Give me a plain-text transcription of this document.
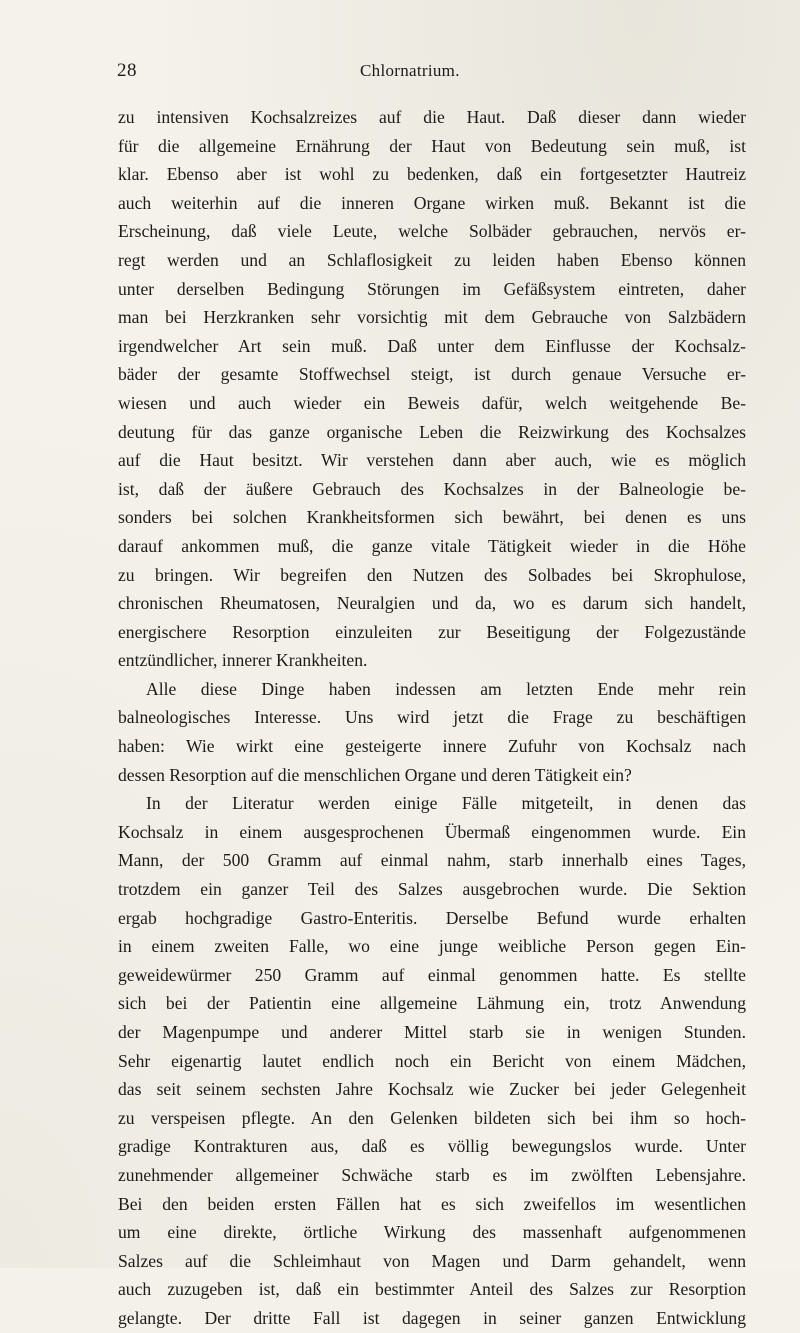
28	Chlornatrium.
zu intensiven Kochsalzreizes auf die Haut. Daß dieser dann wieder
für die allgemeine Ernährung der Haut von Bedeutung sein muß, ist
klar. Ebenso aber ist wohl zu bedenken, daß ein fortgesetzter Hautreiz
auch weiterhin auf die inneren Organe wirken muß. Bekannt ist die
Erscheinung, daß viele Leute, welche Solbäder gebrauchen, nervös er-
regt werden und an Schlaflosigkeit zu leiden haben Ebenso können
unter derselben Bedingung Störungen im Gefäßsystem eintreten, daher
man bei Herzkranken sehr vorsichtig mit dem Gebrauche von Salzbädern
irgendwelcher Art sein muß. Daß unter dem Einflusse der Kochsalz-
bäder der gesamte Stoffwechsel steigt, ist durch genaue Versuche er-
wiesen und auch wieder ein Beweis dafür, welch weitgehende Be-
deutung für das ganze organische Leben die Reizwirkung des Kochsalzes
auf die Haut besitzt. Wir verstehen dann aber auch, wie es möglich
ist, daß der äußere Gebrauch des Kochsalzes in der Balneologie be-
sonders bei solchen Krankheitsformen sich bewährt, bei denen es uns
darauf ankommen muß, die ganze vitale Tätigkeit wieder in die Höhe
zu bringen. Wir begreifen den Nutzen des Solbades bei Skrophulose,
chronischen Rheumatosen, Neuralgien und da, wo es darum sich handelt,
energischere Resorption einzuleiten zur Beseitigung der Folgezustände
entzündlicher, innerer Krankheiten.
Alle diese Dinge haben indessen am letzten Ende mehr rein
balneologisches Interesse. Uns wird jetzt die Frage zu beschäftigen
haben: Wie wirkt eine gesteigerte innere Zufuhr von Kochsalz nach
dessen Resorption auf die menschlichen Organe und deren Tätigkeit ein?
In der Literatur werden einige Fälle mitgeteilt, in denen das
Kochsalz in einem ausgesprochenen Übermaß eingenommen wurde. Ein
Mann, der 500 Gramm auf einmal nahm, starb innerhalb eines Tages,
trotzdem ein ganzer Teil des Salzes ausgebrochen wurde. Die Sektion
ergab hochgradige Gastro-Enteritis. Derselbe Befund wurde erhalten
in einem zweiten Falle, wo eine junge weibliche Person gegen Ein-
geweidewürmer 250 Gramm auf einmal genommen hatte. Es stellte
sich bei der Patientin eine allgemeine Lähmung ein, trotz Anwendung
der Magenpumpe und anderer Mittel starb sie in wenigen Stunden.
Sehr eigenartig lautet endlich noch ein Bericht von einem Mädchen,
das seit seinem sechsten Jahre Kochsalz wie Zucker bei jeder Gelegenheit
zu verspeisen pflegte. An den Gelenken bildeten sich bei ihm so hoch-
gradige Kontrakturen aus, daß es völlig bewegungslos wurde. Unter
zunehmender allgemeiner Schwäche starb es im zwölften Lebensjahre.
Bei den beiden ersten Fällen hat es sich zweifellos im wesentlichen
um eine direkte, örtliche Wirkung des massenhaft aufgenommenen
Salzes auf die Schleimhaut von Magen und Darm gehandelt, wenn
auch zuzugeben ist, daß ein bestimmter Anteil des Salzes zur Resorption
gelangte. Der dritte Fall ist dagegen in seiner ganzen Entwicklung
